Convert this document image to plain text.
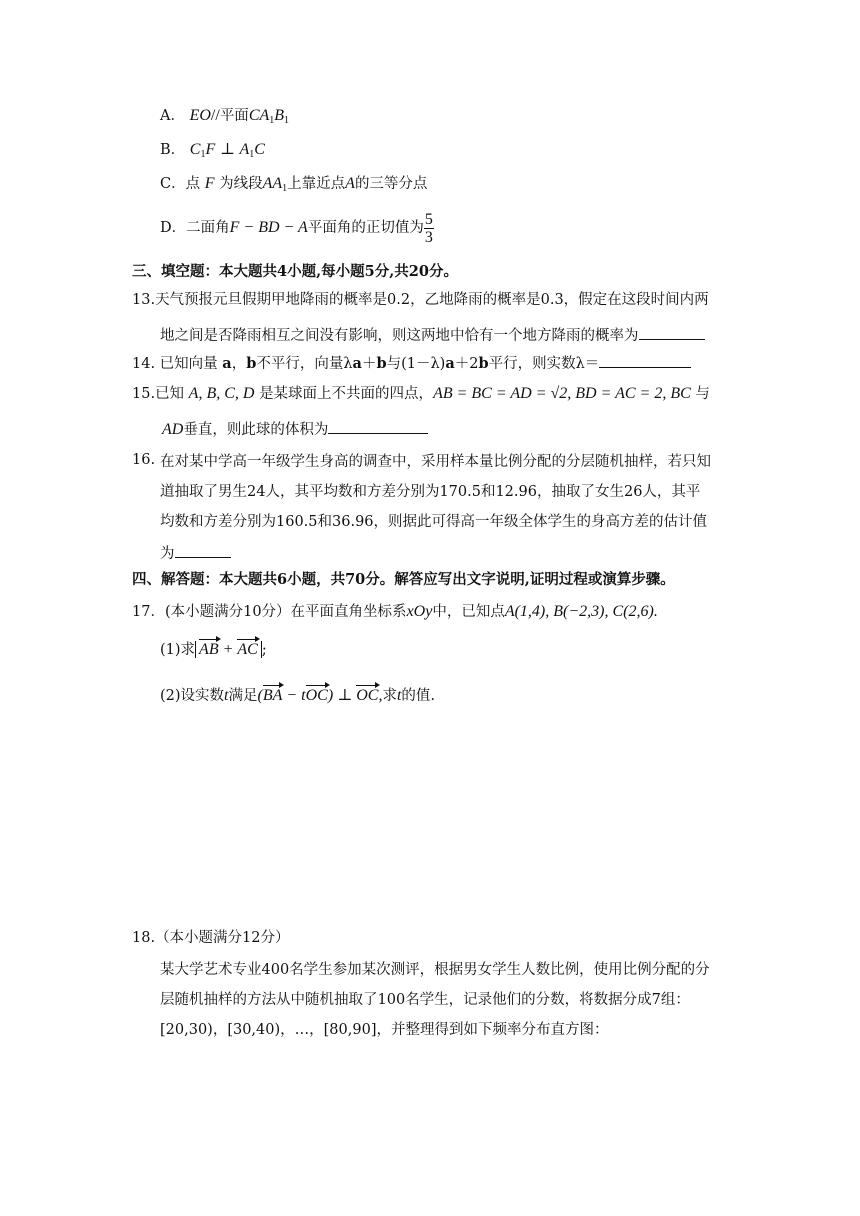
A． EO//平面$CA_1B_1$
B． $C_1F$ ⊥ $A_1C$
C．点 F 为线段$AA_1$上靠近点A的三等分点
D．二面角F − BD − A平面角的正切值为 $\frac{5}{3}$
三、填空题：本大题共4小题,每小题5分,共20分。
13.天气预报元旦假期甲地降雨的概率是0.2，乙地降雨的概率是0.3，假定在这段时间内两
地之间是否降雨相互之间没有影响，则这两地中恰有一个地方降雨的概率为
14. 已知向量 a，b不平行，向量λa＋b与(1－λ)a＋2b平行，则实数λ＝
15.已知 A, B, C, D 是某球面上不共面的四点，AB = BC = AD = √2, BD = AC = 2, BC 与
AD垂直，则此球的体积为
16. 在对某中学高一年级学生身高的调查中，采用样本量比例分配的分层随机抽样，若只知
道抽取了男生24人，其平均数和方差分别为170.5和12.96，抽取了女生26人，其平
均数和方差分别为160.5和36.96，则据此可得高一年级全体学生的身高方差的估计值
为
四、解答题：本大题共6小题，共70分。解答应写出文字说明,证明过程或演算步骤。
17．(本小题满分10分）在平面直角坐标系xOy中，已知点A(1,4), B(−2,3), C(2,6).
(1)求 AB + AC ;
(2)设实数t满足(BA − tOC) ⊥ OC,求t的值.
18.（本小题满分12分）
某大学艺术专业400名学生参加某次测评，根据男女学生人数比例，使用比例分配的分
层随机抽样的方法从中随机抽取了100名学生，记录他们的分数，将数据分成7组：
[20,30)，[30,40)，…，[80,90]，并整理得到如下频率分布直方图：
